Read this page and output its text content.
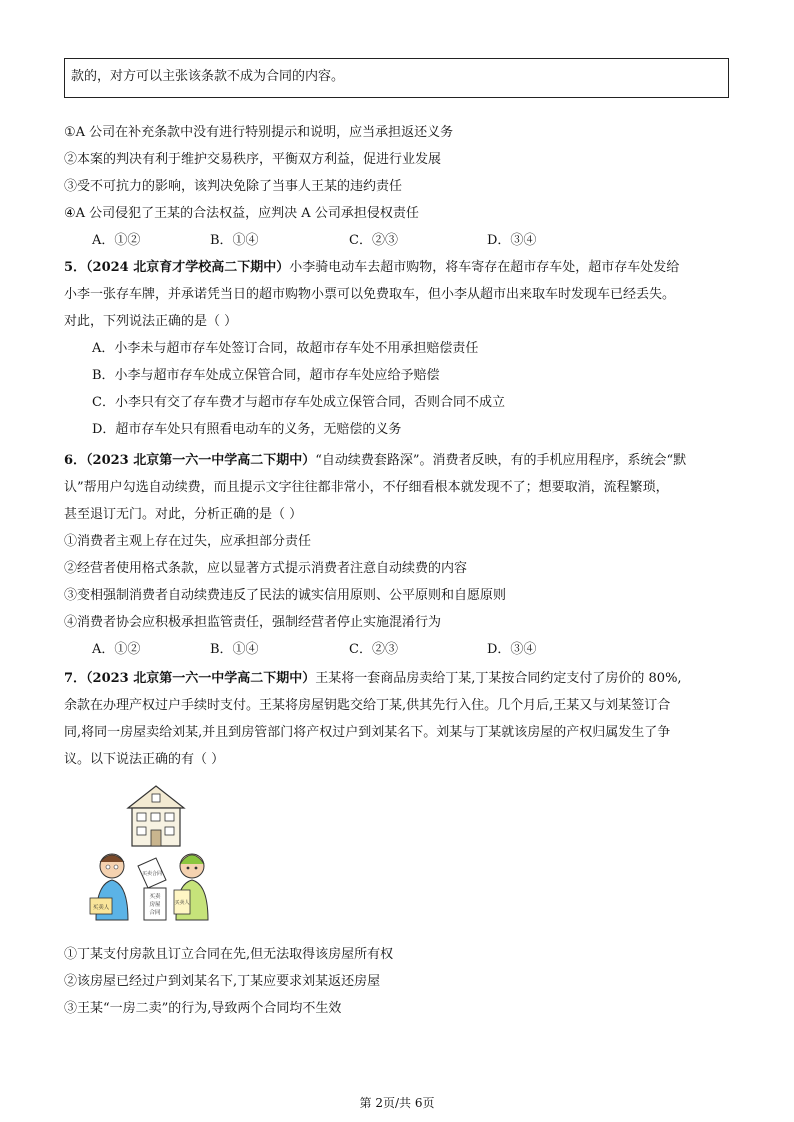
款的，对方可以主张该条款不成为合同的内容。
①A 公司在补充条款中没有进行特别提示和说明，应当承担返还义务
②本案的判决有利于维护交易秩序，平衡双方利益，促进行业发展
③受不可抗力的影响，该判决免除了当事人王某的违约责任
④A 公司侵犯了王某的合法权益，应判决 A 公司承担侵权责任
A．①②	B．①④	C．②③	D．③④
5．（2024 北京育才学校高二下期中）小李骑电动车去超市购物，将车寄存在超市存车处，超市存车处发给
小李一张存车牌，并承诺凭当日的超市购物小票可以免费取车，但小李从超市出来取车时发现车已经丢失。
对此，下列说法正确的是（ ）
A．小李未与超市存车处签订合同，故超市存车处不用承担赔偿责任
B．小李与超市存车处成立保管合同，超市存车处应给予赔偿
C．小李只有交了存车费才与超市存车处成立保管合同，否则合同不成立
D．超市存车处只有照看电动车的义务，无赔偿的义务
6．（2023 北京第一六一中学高二下期中）“自动续费套路深”。消费者反映，有的手机应用程序，系统会“默
认”帮用户勾选自动续费，而且提示文字往往都非常小，不仔细看根本就发现不了；想要取消，流程繁琐，
甚至退订无门。对此，分析正确的是（ ）
①消费者主观上存在过失，应承担部分责任
②经营者使用格式条款，应以显著方式提示消费者注意自动续费的内容
③变相强制消费者自动续费违反了民法的诚实信用原则、公平原则和自愿原则
④消费者协会应积极承担监管责任，强制经营者停止实施混淆行为
A．①②	B．①④	C．②③	D．③④
7．（2023 北京第一六一中学高二下期中）王某将一套商品房卖给丁某,丁某按合同约定支付了房价的 80%,
余款在办理产权过户手续时支付。王某将房屋钥匙交给丁某,供其先行入住。几个月后,王某又与刘某签订合
同,将同一房屋卖给刘某,并且到房管部门将产权过户到刘某名下。刘某与丁某就该房屋的产权归属发生了争
议。以下说法正确的有（ ）
买卖人
买卖合同
买卖
房屋
合同
买卖人
①丁某支付房款且订立合同在先,但无法取得该房屋所有权
②该房屋已经过户到刘某名下,丁某应要求刘某返还房屋
③王某“一房二卖”的行为,导致两个合同均不生效
第 2页/共 6页
